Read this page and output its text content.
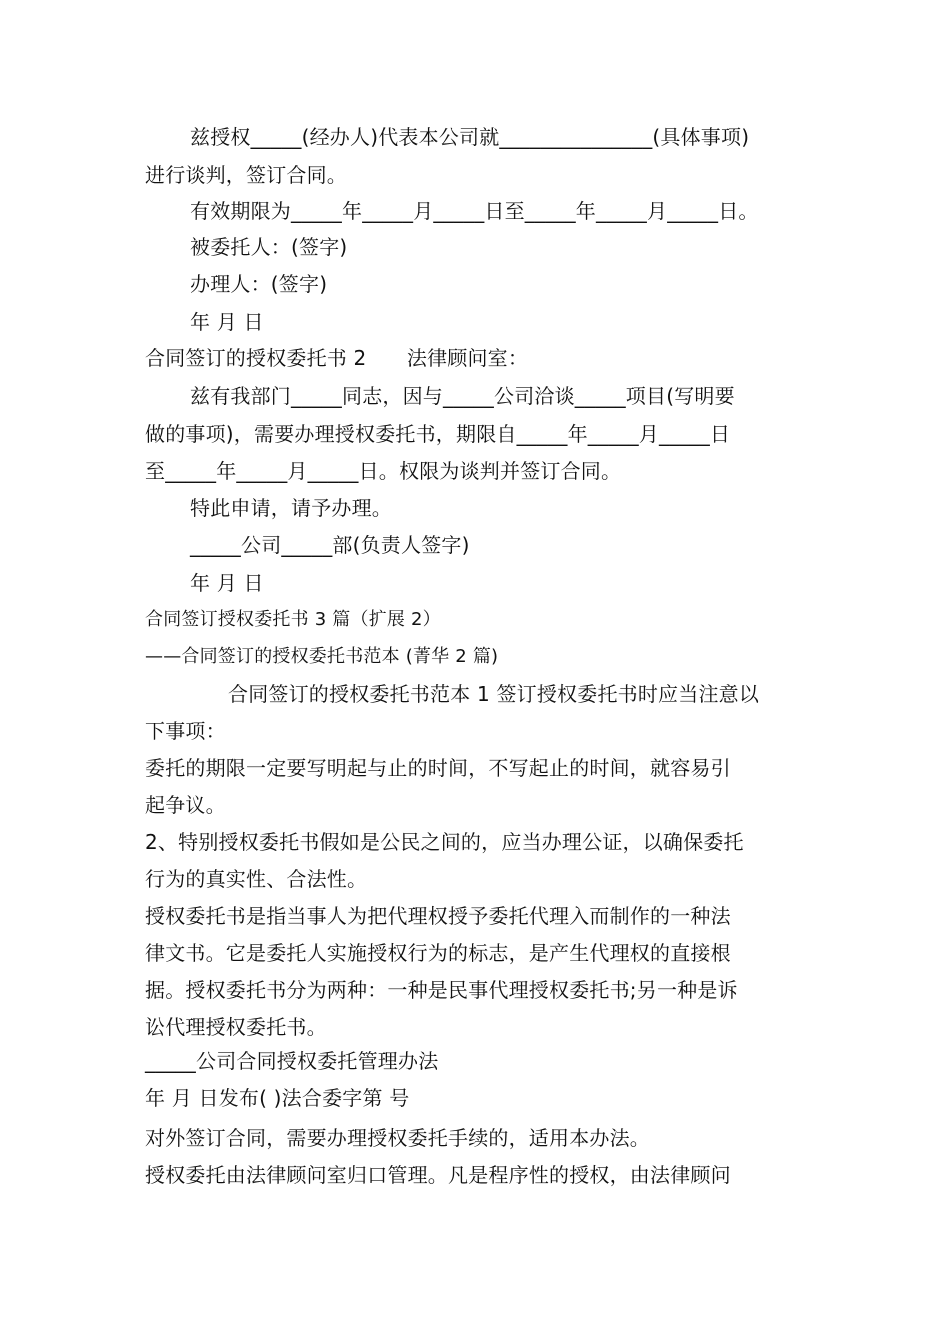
兹授权_____(经办人)代表本公司就_______________(具体事项)
进行谈判，签订合同。
有效期限为_____年_____月_____日至_____年_____月_____日。
被委托人：(签字)
办理人：(签字)
年 月 日
合同签订的授权委托书 2　　法律顾问室：
兹有我部门_____同志，因与_____公司洽谈_____项目(写明要
做的事项)，需要办理授权委托书，期限自_____年_____月_____日
至_____年_____月_____日。权限为谈判并签订合同。
特此申请，请予办理。
_____公司_____部(负责人签字)
年 月 日
合同签订授权委托书 3 篇（扩展 2）
——合同签订的授权委托书范本 (菁华 2 篇)
合同签订的授权委托书范本 1 签订授权委托书时应当注意以
下事项：
委托的期限一定要写明起与止的时间，不写起止的时间，就容易引
起争议。
2、特别授权委托书假如是公民之间的，应当办理公证，以确保委托
行为的真实性、合法性。
授权委托书是指当事人为把代理权授予委托代理入而制作的一种法
律文书。它是委托人实施授权行为的标志，是产生代理权的直接根
据。授权委托书分为两种：一种是民事代理授权委托书;另一种是诉
讼代理授权委托书。
_____公司合同授权委托管理办法
年 月 日发布( )法合委字第 号
对外签订合同，需要办理授权委托手续的，适用本办法。
授权委托由法律顾问室归口管理。凡是程序性的授权，由法律顾问
